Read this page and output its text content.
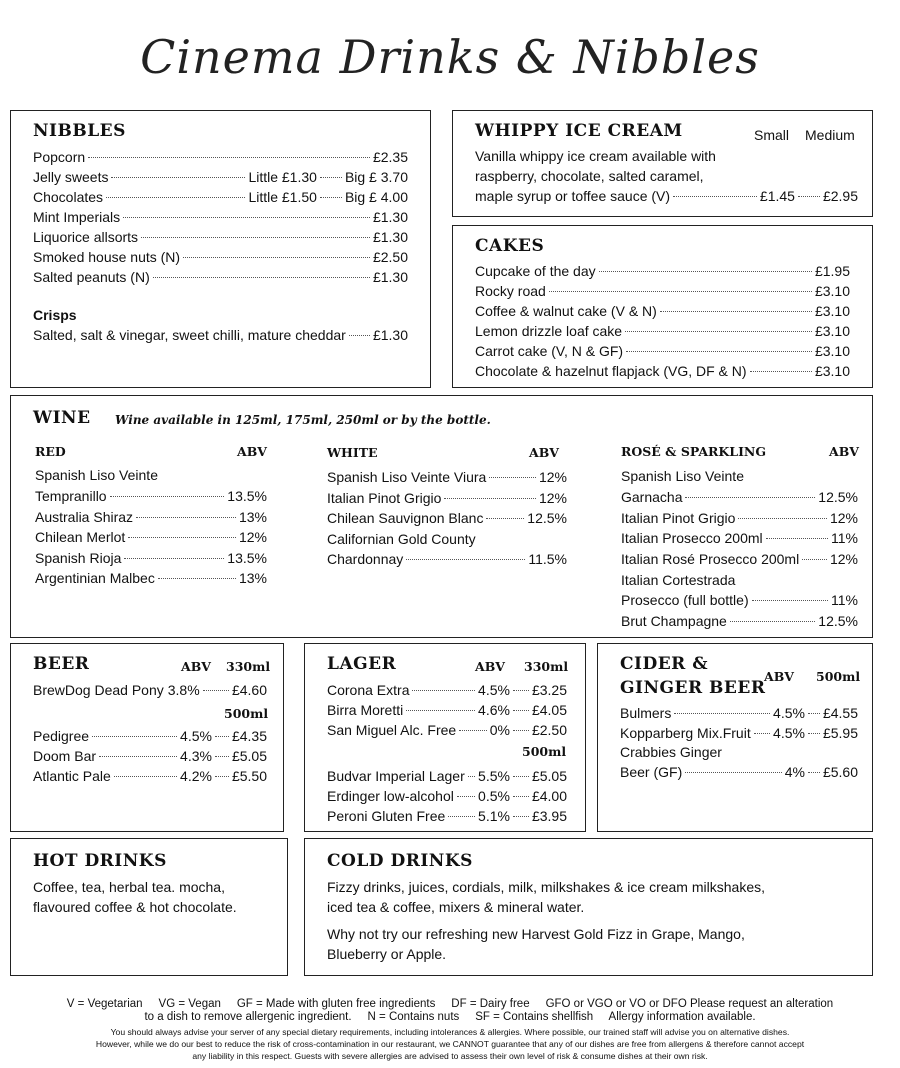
Cinema Drinks & Nibbles
NIBBLES
Popcorn	£2.35
Jelly sweets	Little £1.30 Big £ 3.70
Chocolates	Little £1.50 Big £ 4.00
Mint Imperials	£1.30
Liquorice allsorts	£1.30
Smoked house nuts (N)	£2.50
Salted peanuts (N)	£1.30
Crisps
Salted, salt & vinegar, sweet chilli, mature cheddar £1.30
WHIPPY ICE CREAM	Small Medium
Vanilla whippy ice cream available with
raspberry, chocolate, salted caramel,
maple syrup or toffee sauce (V)	£1.45 £2.95
CAKES
Cupcake of the day	£1.95
Rocky road	£3.10
Coffee & walnut cake (V & N)	£3.10
Lemon drizzle loaf cake	£3.10
Carrot cake (V, N & GF)	£3.10
Chocolate & hazelnut flapjack (VG, DF & N)	£3.10
WINE Wine available in 125ml, 175ml, 250ml or by the bottle.
RED	ABV
Spanish Liso Veinte
Tempranillo	13.5%
Australia Shiraz	13%
Chilean Merlot	12%
Spanish Rioja	13.5%
Argentinian Malbec	13%
WHITE	ABV
Spanish Liso Veinte Viura	12%
Italian Pinot Grigio	12%
Chilean Sauvignon Blanc	12.5%
Californian Gold County
Chardonnay	11.5%
ROSÉ & SPARKLING	ABV
Spanish Liso Veinte
Garnacha	12.5%
Italian Pinot Grigio	12%
Italian Prosecco 200ml	11%
Italian Rosé Prosecco 200ml 12%
Italian Cortestrada
Prosecco (full bottle)	11%
Brut Champagne	12.5%
BEER	ABV 330ml
BrewDog Dead Pony 3.8% £4.60
500ml
Pedigree	4.5% £4.35
Doom Bar	4.3% £5.05
Atlantic Pale	4.2% £5.50
LAGER	ABV 330ml
Corona Extra	4.5% £3.25
Birra Moretti	4.6% £4.05
San Miguel Alc. Free 0% £2.50
500ml
Budvar Imperial Lager 5.5% £5.05
Erdinger low-alcohol 0.5% £4.00
Peroni Gluten Free 5.1% £3.95
CIDER &
GINGER BEER
ABV 500ml
Bulmers	4.5% £4.55
Kopparberg Mix.Fruit 4.5% £5.95
Crabbies Ginger
Beer (GF)	4% £5.60
HOT DRINKS
Coffee, tea, herbal tea. mocha,
flavoured coffee & hot chocolate.
COLD DRINKS
Fizzy drinks, juices, cordials, milk, milkshakes & ice cream milkshakes,
iced tea & coffee, mixers & mineral water.
Why not try our refreshing new Harvest Gold Fizz in Grape, Mango,
Blueberry or Apple.
V = Vegetarian     VG = Vegan     GF = Made with gluten free ingredients     DF = Dairy free     GFO or VGO or VO or DFO Please request an alteration
to a dish to remove allergenic ingredient.     N = Contains nuts     SF = Contains shellfish     Allergy information available.
You should always advise your server of any special dietary requirements, including intolerances & allergies. Where possible, our trained staff will advise you on alternative dishes.
However, while we do our best to reduce the risk of cross-contamination in our restaurant, we CANNOT guarantee that any of our dishes are free from allergens & therefore cannot accept
any liability in this respect. Guests with severe allergies are advised to assess their own level of risk & consume dishes at their own risk.
